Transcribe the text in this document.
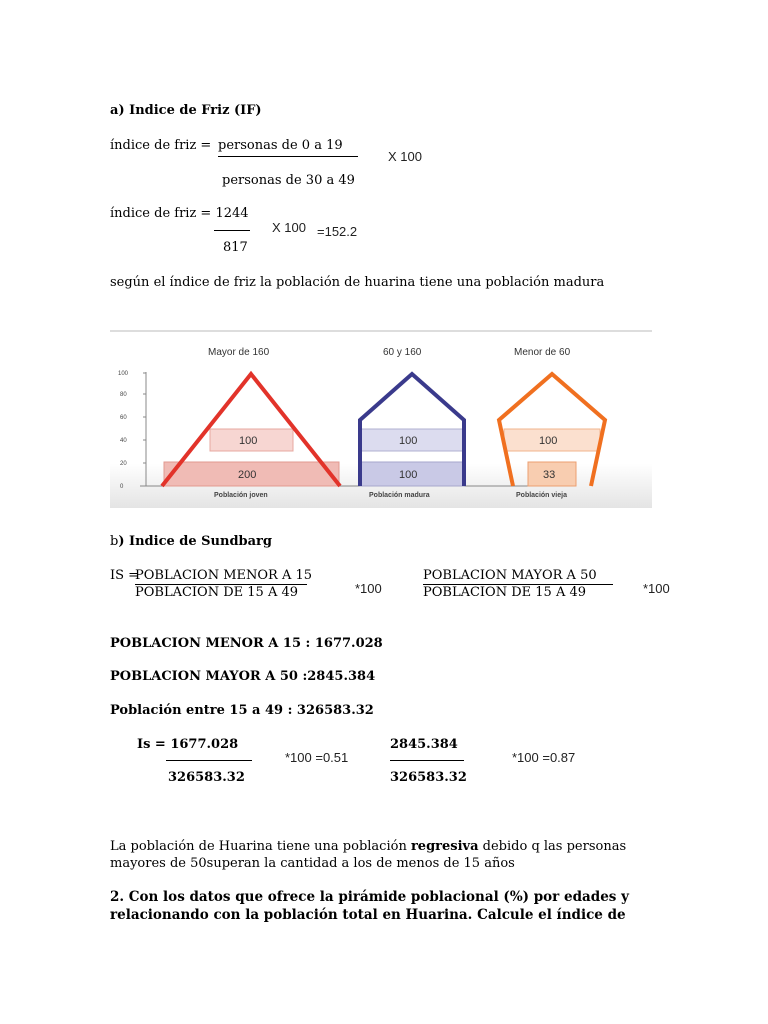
a) Indice de Friz (IF)
índice de friz = personas de 0 a 19
X 100
personas de 30 a 49
índice de friz = 1244
X 100 =152.2
817
según el índice de friz la población de huarina tiene una población madura
0
20
40
60
80
100
Mayor de 160
100
200
Población joven
60 y 160
100
100
Población madura
Menor de 60
100
33
Población vieja
b) Indice de Sundbarg
IS =
POBLACION MENOR A 15
POBLACION DE 15 A 49	*100
POBLACION MAYOR A 50
POBLACION DE 15 A 49	*100
POBLACION MENOR A 15 : 1677.028
POBLACION MAYOR A 50 :2845.384
Población entre 15 a 49 : 326583.32
Is = 1677.028
*100 =0.51
326583.32
2845.384
*100 =0.87
326583.32
La población de Huarina tiene una población regresiva debido q las personas mayores de 50superan la cantidad a los de menos de 15 años
2. Con los datos que ofrece la pirámide poblacional (%) por edades y relacionando con la población total en Huarina. Calcule el índice de
